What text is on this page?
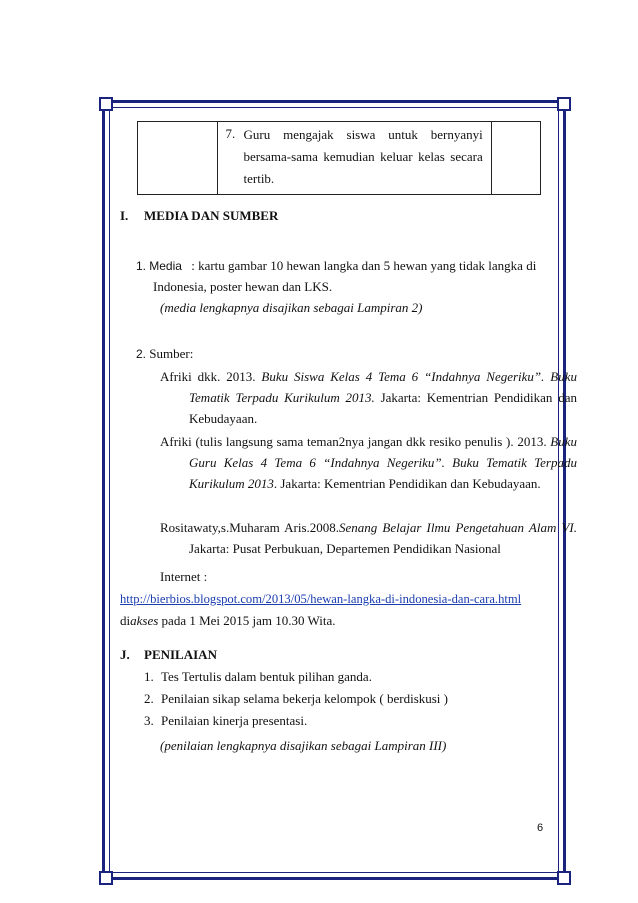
7. Guru mengajak siswa untuk bernyanyi bersama-sama kemudian keluar kelas secara tertib.

I. MEDIA DAN SUMBER
1. Media : kartu gambar 10 hewan langka dan 5 hewan yang tidak langka di
Indonesia, poster hewan dan LKS.
(media lengkapnya disajikan sebagai Lampiran 2)
2. Sumber:
Afriki dkk. 2013. Buku Siswa Kelas 4 Tema 6 “Indahnya Negeriku”. Buku Tematik Terpadu Kurikulum 2013. Jakarta: Kementrian Pendidikan dan Kebudayaan.
Afriki (tulis langsung sama teman2nya jangan dkk resiko penulis ). 2013. Buku Guru Kelas 4 Tema 6 “Indahnya Negeriku”. Buku Tematik Terpadu Kurikulum 2013. Jakarta: Kementrian Pendidikan dan Kebudayaan.
Rositawaty,s.Muharam Aris.2008.Senang Belajar Ilmu Pengetahuan Alam VI. Jakarta: Pusat Perbukuan, Departemen Pendidikan Nasional
Internet :
http://bierbios.blogspot.com/2013/05/hewan-langka-di-indonesia-dan-cara.html
diakses pada 1 Mei 2015 jam 10.30 Wita.
J. PENILAIAN
1. Tes Tertulis dalam bentuk pilihan ganda.
2. Penilaian sikap selama bekerja kelompok ( berdiskusi )
3. Penilaian kinerja presentasi.
(penilaian lengkapnya disajikan sebagai Lampiran III)
6
